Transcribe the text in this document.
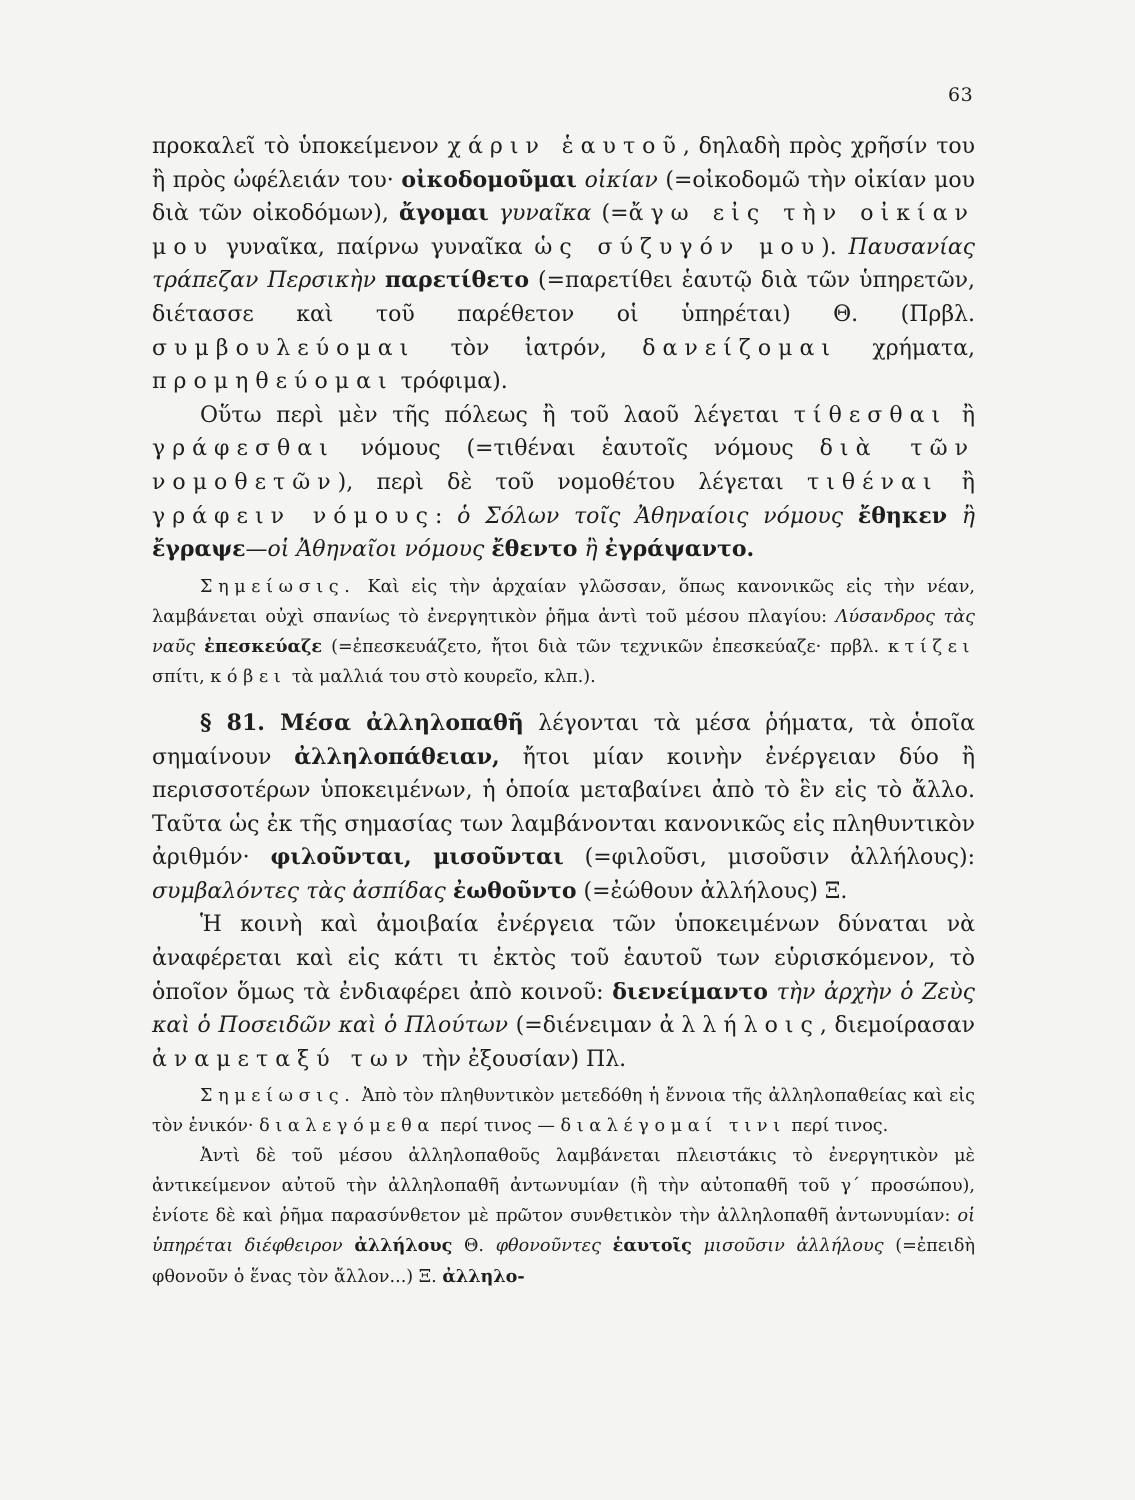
63

προκαλεῖ τὸ ὑποκείμενον χάριν ἑαυτοῦ, δηλαδὴ πρὸς χρῆσίν του ἢ πρὸς ὠφέλειάν του· οἰκοδομοῦμαι οἰκίαν (=οἰκοδομῶ τὴν οἰκίαν μου διὰ τῶν οἰκοδόμων), ἄγομαι γυναῖκα (=ἄγω εἰς τὴν οἰκίαν μου γυναῖκα, παίρνω γυναῖκα ὡς σύζυγόν μου). Παυσανίας τράπεζαν Περσικὴν παρετίθετο (=παρετίθει ἑαυτῷ διὰ τῶν ὑπηρετῶν, διέτασσε καὶ τοῦ παρέθετον οἱ ὑπηρέται) Θ. (Πρβλ. συμβουλεύομαι τὸν ἰατρόν, δανείζομαι χρήματα, προμηθεύομαι τρόφιμα).

Οὕτω περὶ μὲν τῆς πόλεως ἢ τοῦ λαοῦ λέγεται τίθεσθαι ἢ γράφεσθαι νόμους (=τιθέναι ἑαυτοῖς νόμους διὰ τῶν νομοθετῶν), περὶ δὲ τοῦ νομοθέτου λέγεται τιθέναι ἢ γράφειν νόμους: ὁ Σόλων τοῖς Ἀθηναίοις νόμους ἔθηκεν ἢ ἔγραψε—οἱ Ἀθηναῖοι νόμους ἔθεντο ἢ ἐγράψαντο.

Σημείωσις. Καὶ εἰς τὴν ἀρχαίαν γλῶσσαν, ὅπως κανονικῶς εἰς τὴν νέαν, λαμβάνεται οὐχὶ σπανίως τὸ ἐνεργητικὸν ῥῆμα ἀντὶ τοῦ μέσου πλαγίου: Λύσανδρος τὰς ναῦς ἐπεσκεύαζε (=ἐπεσκευάζετο, ἤτοι διὰ τῶν τεχνικῶν ἐπεσκεύαζε· πρβλ. κτίζει σπίτι, κόβει τὰ μαλλιά του στὸ κουρεῖο, κλπ.).

§ 81. Μέσα ἀλληλοπαθῆ λέγονται τὰ μέσα ῥήματα, τὰ ὁποῖα σημαίνουν ἀλληλοπάθειαν, ἤτοι μίαν κοινὴν ἐνέργειαν δύο ἢ περισσοτέρων ὑποκειμένων, ἡ ὁποία μεταβαίνει ἀπὸ τὸ ἓν εἰς τὸ ἄλλο. Ταῦτα ὡς ἐκ τῆς σημασίας των λαμβάνονται κανονικῶς εἰς πληθυντικὸν ἀριθμόν· φιλοῦνται, μισοῦνται (=φιλοῦσι, μισοῦσιν ἀλλήλους): συμβαλόντες τὰς ἀσπίδας ἐωθοῦντο (=ἐώθουν ἀλλήλους) Ξ.

Ἡ κοινὴ καὶ ἀμοιβαία ἐνέργεια τῶν ὑποκειμένων δύναται νὰ ἀναφέρεται καὶ εἰς κάτι τι ἐκτὸς τοῦ ἑαυτοῦ των εὑρισκόμενον, τὸ ὁποῖον ὅμως τὰ ἐνδιαφέρει ἀπὸ κοινοῦ: διενείμαντο τὴν ἀρχὴν ὁ Ζεὺς καὶ ὁ Ποσειδῶν καὶ ὁ Πλούτων (=διένειμαν ἀλλήλοις, διεμοίρασαν ἀναμεταξύ των τὴν ἐξουσίαν) Πλ.

Σημείωσις. Ἀπὸ τὸν πληθυντικὸν μετεδόθη ἡ ἔννοια τῆς ἀλληλοπαθείας καὶ εἰς τὸν ἑνικόν· διαλεγόμεθα περί τινος — διαλέγομαί τινι περί τινος.

Ἀντὶ δὲ τοῦ μέσου ἀλληλοπαθοῦς λαμβάνεται πλειστάκις τὸ ἐνεργητικὸν μὲ ἀντικείμενον αὐτοῦ τὴν ἀλληλοπαθῆ ἀντωνυμίαν (ἢ τὴν αὐτοπαθῆ τοῦ γ΄ προσώπου), ἐνίοτε δὲ καὶ ῥῆμα παρασύνθετον μὲ πρῶτον συνθετικὸν τὴν ἀλληλοπαθῆ ἀντωνυμίαν: οἱ ὑπηρέται διέφθειρον ἀλλήλους Θ. φθονοῦντες ἑαυτοῖς μισοῦσιν ἀλλήλους (=ἐπειδὴ φθονοῦν ὁ ἕνας τὸν ἄλλον...) Ξ. ἀλληλο-
